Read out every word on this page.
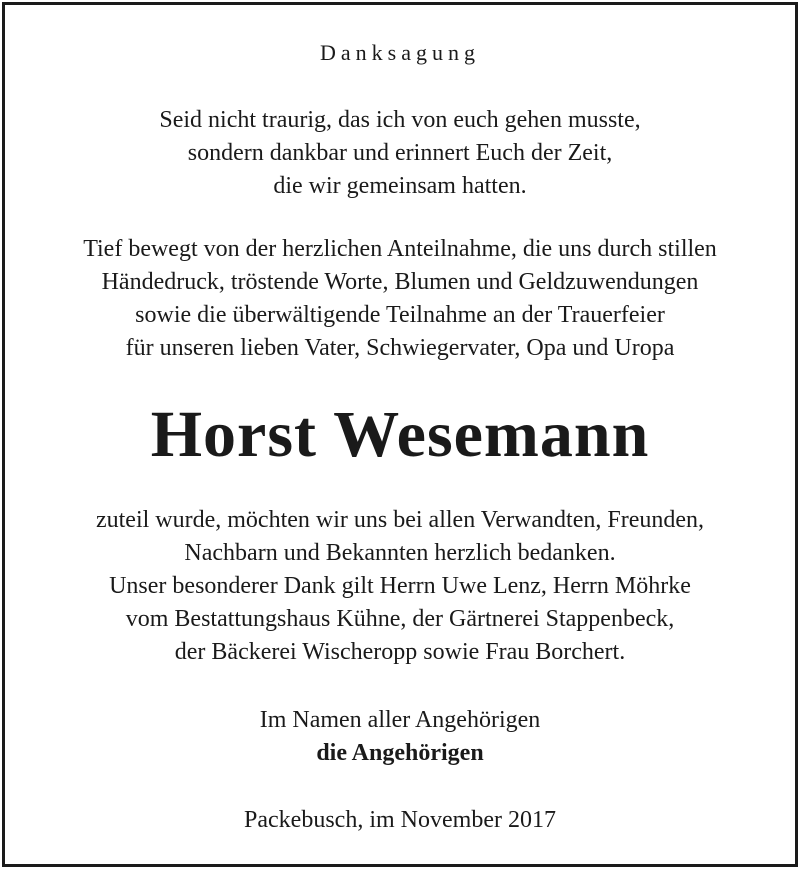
Danksagung
Seid nicht traurig, das ich von euch gehen musste,
sondern dankbar und erinnert Euch der Zeit,
die wir gemeinsam hatten.
Tief bewegt von der herzlichen Anteilnahme, die uns durch stillen
Händedruck, tröstende Worte, Blumen und Geldzuwendungen
sowie die überwältigende Teilnahme an der Trauerfeier
für unseren lieben Vater, Schwiegervater, Opa und Uropa
Horst Wesemann
zuteil wurde, möchten wir uns bei allen Verwandten, Freunden,
Nachbarn und Bekannten herzlich bedanken.
Unser besonderer Dank gilt Herrn Uwe Lenz, Herrn Möhrke
vom Bestattungshaus Kühne, der Gärtnerei Stappenbeck,
der Bäckerei Wischeropp sowie Frau Borchert.
Im Namen aller Angehörigen
die Angehörigen
Packebusch, im November 2017
